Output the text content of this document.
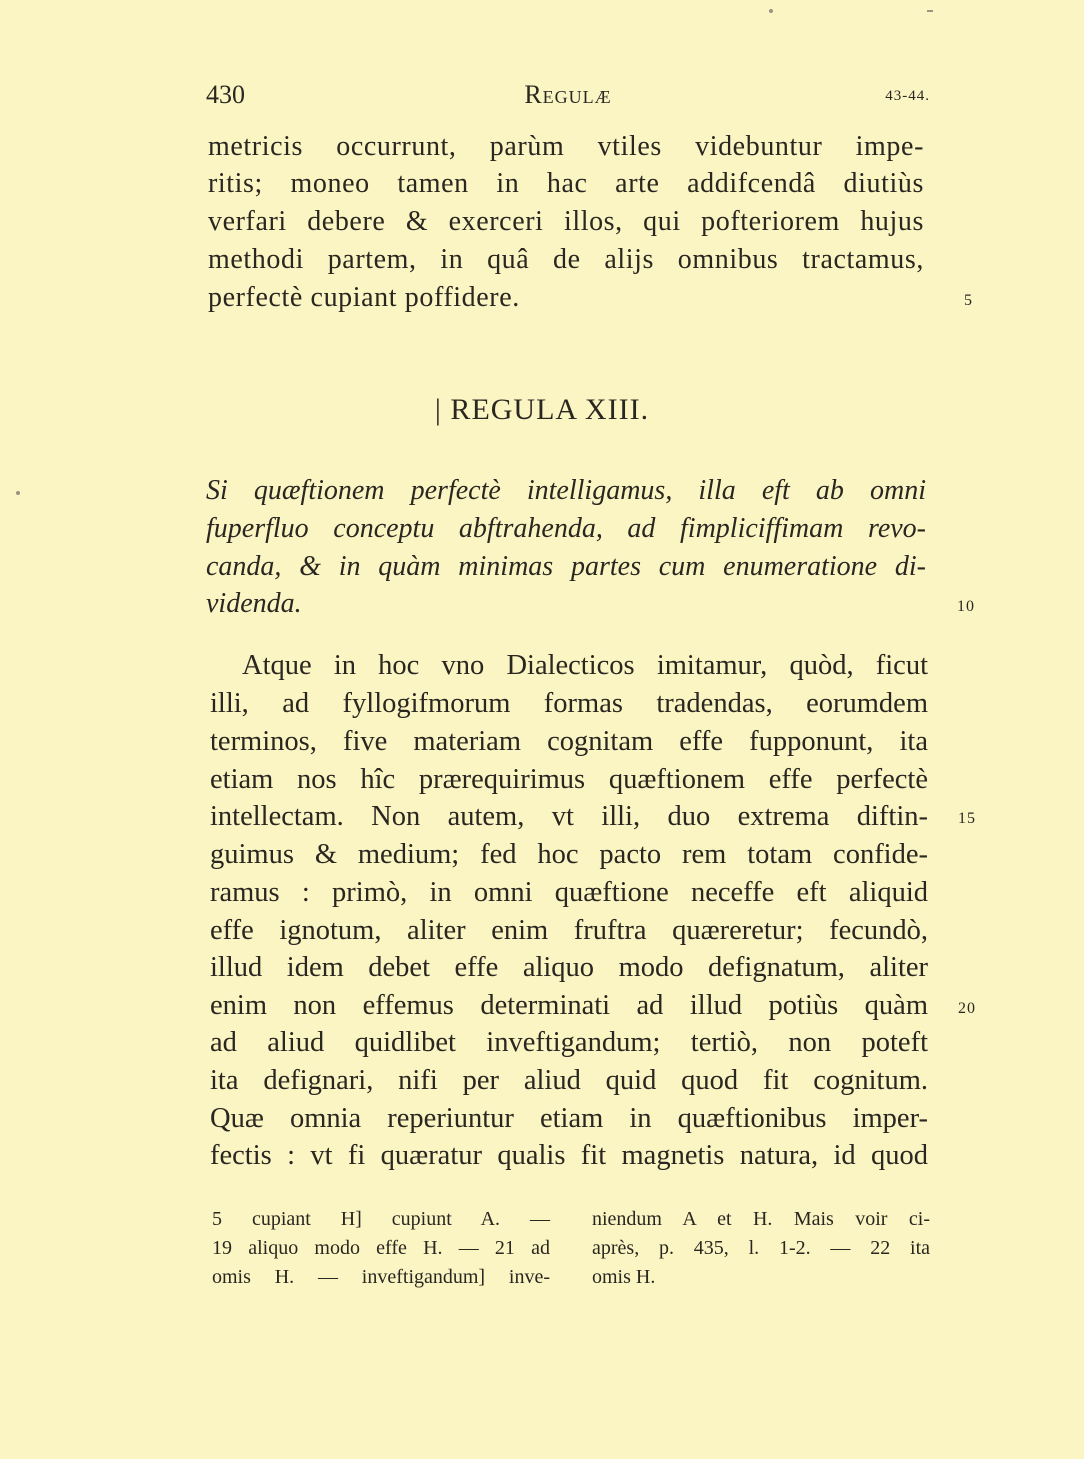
430	Regulæ	43-44.
metricis occurrunt, parùm vtiles videbuntur impe-
ritis; moneo tamen in hac arte addifcendâ diutiùs
verfari debere & exerceri illos, qui pofteriorem hujus
methodi partem, in quâ de alijs omnibus tractamus,
perfectè cupiant poffidere.	5
| REGULA XIII.
Si quæftionem perfectè intelligamus, illa eft ab omni
fuperfluo conceptu abftrahenda, ad fimpliciffimam revo-
canda, & in quàm minimas partes cum enumeratione di-
videnda.	10
Atque in hoc vno Dialecticos imitamur, quòd, ficut
illi, ad fyllogifmorum formas tradendas, eorumdem
terminos, five materiam cognitam effe fupponunt, ita
etiam nos hîc prærequirimus quæftionem effe perfectè
intellectam. Non autem, vt illi, duo extrema diftin-
guimus & medium; fed hoc pacto rem totam confide-
ramus : primò, in omni quæftione neceffe eft aliquid
effe ignotum, aliter enim fruftra quæreretur; fecundò,
illud idem debet effe aliquo modo defignatum, aliter
enim non effemus determinati ad illud potiùs quàm
ad aliud quidlibet inveftigandum; tertiò, non poteft
ita defignari, nifi per aliud quid quod fit cognitum.
Quæ omnia reperiuntur etiam in quæftionibus imper-
fectis : vt fi quæratur qualis fit magnetis natura, id quod
15
20
5 cupiant H] cupiunt A. —
19 aliquo modo effe H. — 21 ad
omis H. — inveftigandum] inve-
niendum A et H. Mais voir ci-
après, p. 435, l. 1-2. — 22 ita
omis H.
